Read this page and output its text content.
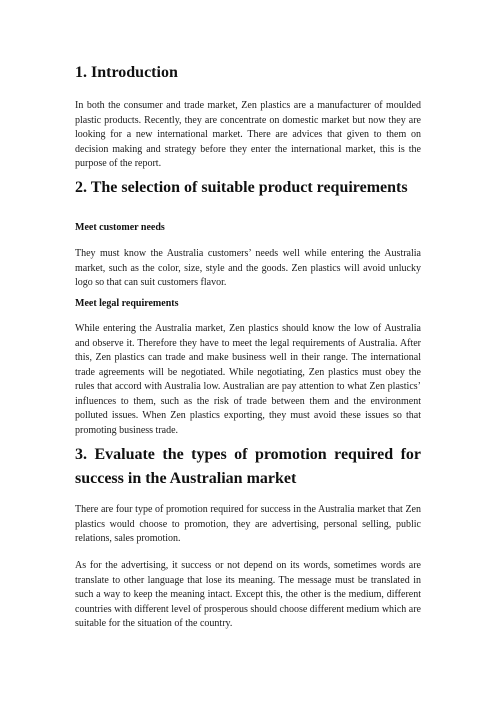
1. Introduction

In both the consumer and trade market, Zen plastics are a manufacturer of moulded plastic products. Recently, they are concentrate on domestic market but now they are looking for a new international market. There are advices that given to them on decision making and strategy before they enter the international market, this is the purpose of the report.

2. The selection of suitable product requirements
Meet customer needs

They must know the Australia customers’ needs well while entering the Australia market, such as the color, size, style and the goods. Zen plastics will avoid unlucky logo so that can suit customers flavor.

Meet legal requirements

While entering the Australia market, Zen plastics should know the low of Australia and observe it. Therefore they have to meet the legal requirements of Australia. After this, Zen plastics can trade and make business well in their range. The international trade agreements will be negotiated. While negotiating, Zen plastics must obey the rules that accord with Australia low. Australian are pay attention to what Zen plastics’ influences to them, such as the risk of trade between them and the environment polluted issues. When Zen plastics exporting, they must avoid these issues so that promoting business trade.

3. Evaluate the types of promotion required for
success in the Australian market

There are four type of promotion required for success in the Australia market that Zen plastics would choose to promotion, they are advertising, personal selling, public relations, sales promotion.

As for the advertising, it success or not depend on its words, sometimes words are translate to other language that lose its meaning. The message must be translated in such a way to keep the meaning intact. Except this, the other is the medium, different countries with different level of prosperous should choose different medium which are suitable for the situation of the country.
